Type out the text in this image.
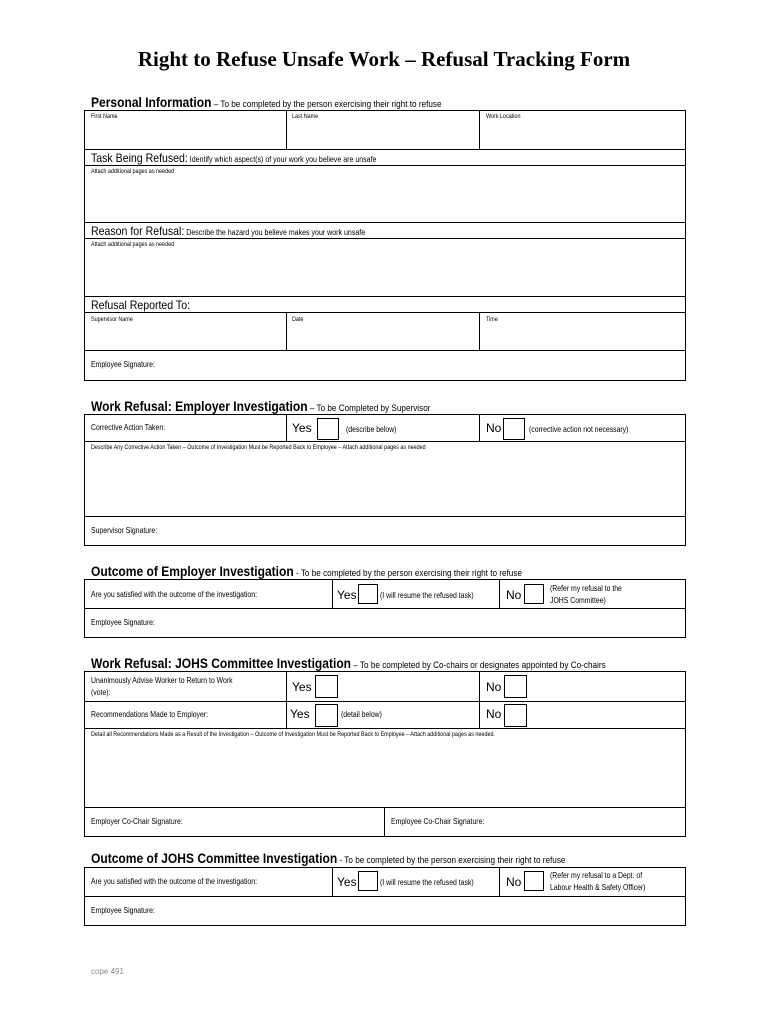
Right to Refuse Unsafe Work – Refusal Tracking Form
Personal Information – To be completed by the person exercising their right to refuse
First Name	Last Name	Work Location
Task Being Refused: Identify which aspect(s) of your work you believe are unsafe
Attach additional pages as needed
Reason for Refusal: Describe the hazard you believe makes your work unsafe
Attach additional pages as needed
Refusal Reported To:
Supervisor Name	Date	Time
Employee Signature:
Work Refusal: Employer Investigation – To be Completed by Supervisor
Corrective Action Taken:	Yes	(describe below)	No	(corrective action not necessary)
Describe Any Corrective Action Taken – Outcome of Investigation Must be Reported Back to Employee – Attach additional pages as needed
Supervisor Signature:
Outcome of Employer Investigation - To be completed by the person exercising their right to refuse
Are you satisfied with the outcome of the investigation:	Yes	(I will resume the refused task)	No	(Refer my refusal to the
JOHS Committee)
Employee Signature:
Work Refusal: JOHS Committee Investigation – To be completed by Co-chairs or designates appointed by Co-chairs
Unanimously Advise Worker to Return to Work
(vote):	Yes	No
Recommendations Made to Employer:	Yes	(detail below)	No
Detail all Recommendations Made as a Result of the Investigation – Outcome of Investigation Must be Reported Back to Employee – Attach additional pages as needed.
Employer Co-Chair Signature:	Employee Co-Chair Signature:
Outcome of JOHS Committee Investigation - To be completed by the person exercising their right to refuse
Are you satisfied with the outcome of the investigation:	Yes	(I will resume the refused task)	No	(Refer my refusal to a Dept. of
Labour Health & Safety Officer)
Employee Signature:
cope 491
